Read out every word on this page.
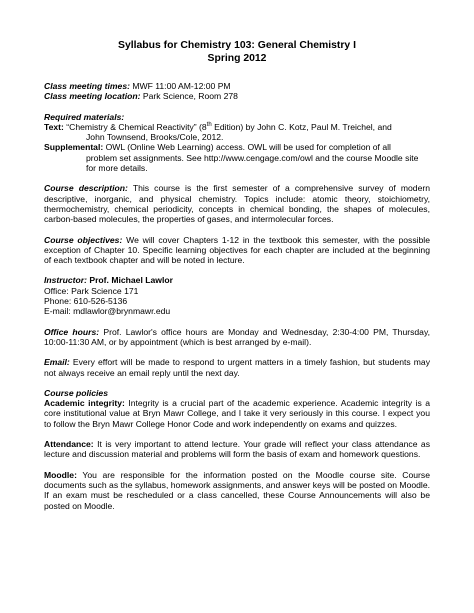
Syllabus for Chemistry 103: General Chemistry I
Spring 2012

Class meeting times: MWF 11:00 AM-12:00 PM

Class meeting location: Park Science, Room 278

Required materials:

Text: “Chemistry & Chemical Reactivity” (8th Edition) by John C. Kotz, Paul M. Treichel, and

John Townsend, Brooks/Cole, 2012.

Supplemental: OWL (Online Web Learning) access. OWL will be used for completion of all

problem set assignments. See http://www.cengage.com/owl and the course Moodle site

for more details.

Course description: This course is the first semester of a comprehensive survey of modern descriptive, inorganic, and physical chemistry. Topics include: atomic theory, stoichiometry, thermochemistry, chemical periodicity, concepts in chemical bonding, the shapes of molecules, carbon-based molecules, the properties of gases, and intermolecular forces.

Course objectives: We will cover Chapters 1-12 in the textbook this semester, with the possible exception of Chapter 10. Specific learning objectives for each chapter are included at the beginning of each textbook chapter and will be noted in lecture.

Instructor: Prof. Michael Lawlor

Office: Park Science 171

Phone: 610-526-5136

E-mail: mdlawlor@brynmawr.edu

Office hours: Prof. Lawlor's office hours are Monday and Wednesday, 2:30-4:00 PM, Thursday, 10:00-11:30 AM, or by appointment (which is best arranged by e-mail).

Email: Every effort will be made to respond to urgent matters in a timely fashion, but students may not always receive an email reply until the next day.

Course policies

Academic integrity: Integrity is a crucial part of the academic experience. Academic integrity is a core institutional value at Bryn Mawr College, and I take it very seriously in this course. I expect you to follow the Bryn Mawr College Honor Code and work independently on exams and quizzes.

Attendance: It is very important to attend lecture. Your grade will reflect your class attendance as lecture and discussion material and problems will form the basis of exam and homework questions.

Moodle: You are responsible for the information posted on the Moodle course site. Course documents such as the syllabus, homework assignments, and answer keys will be posted on Moodle. If an exam must be rescheduled or a class cancelled, these Course Announcements will also be posted on Moodle.
